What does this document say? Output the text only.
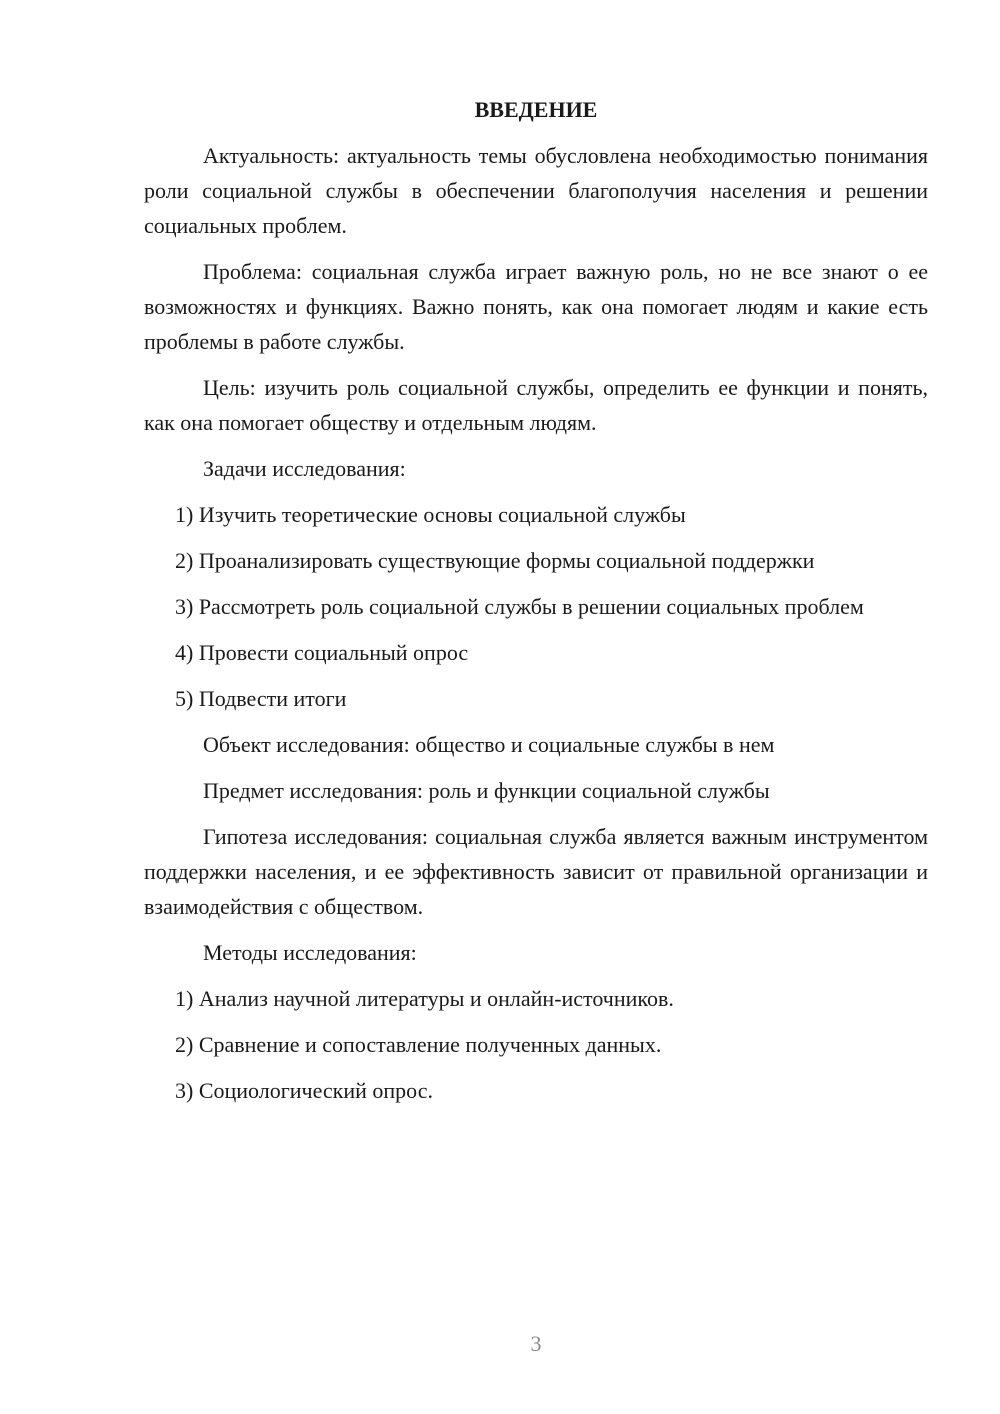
ВВЕДЕНИЕ

Актуальность: актуальность темы обусловлена необходимостью понимания роли социальной службы в обеспечении благополучия населения и решении социальных проблем.

Проблема: социальная служба играет важную роль, но не все знают о ее возможностях и функциях. Важно понять, как она помогает людям и какие есть проблемы в работе службы.

Цель: изучить роль социальной службы, определить ее функции и понять, как она помогает обществу и отдельным людям.

Задачи исследования:

1) Изучить теоретические основы социальной службы

2) Проанализировать существующие формы социальной поддержки

3) Рассмотреть роль социальной службы в решении социальных проблем

4) Провести социальный опрос

5) Подвести итоги

Объект исследования: общество и социальные службы в нем

Предмет исследования: роль и функции социальной службы

Гипотеза исследования: социальная служба является важным инструментом поддержки населения, и ее эффективность зависит от правильной организации и взаимодействия с обществом.

Методы исследования:

1) Анализ научной литературы и онлайн-источников.

2) Сравнение и сопоставление полученных данных.

3) Социологический опрос.

3
